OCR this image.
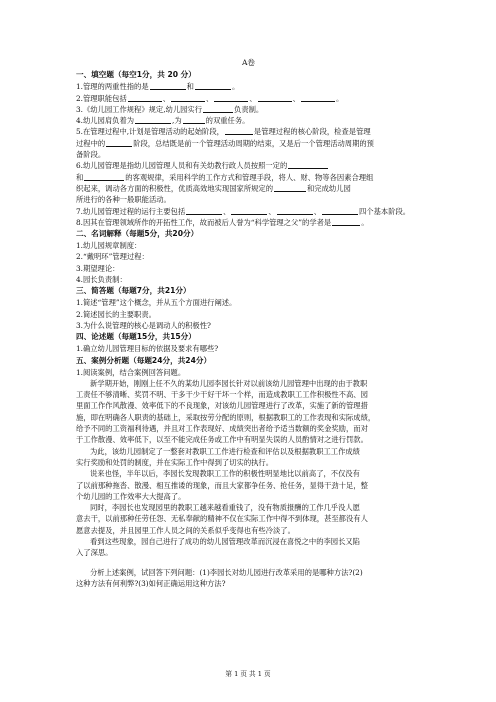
A卷
一、填空题（每空1分，共 20 分）
1.管理的两重性指的是	和	。
2.管理职能包括	、	、	、	、	。
3.《幼儿园工作规程》规定,幼儿园实行	负责制。
4.幼儿园肩负着为	,为	的双重任务。
5.在管理过程中,计划是管理活动的起始阶段，	是管理过程的核心阶段，检查是管理
过程中的	阶段，总结既是前一个管理活动周期的结束，又是后一个管理活动周期的预
备阶段。
6.幼儿园管理是指幼儿园管理人员和有关幼教行政人员按照一定的
和	的客观规律，采用科学的工作方式和管理手段，将人、财、物等各因素合理组
织起来，调动各方面的积极性，优质高效地实现国家所规定的	和完成幼儿园
所进行的各种一般职能活动。
7.幼儿园管理过程的运行主要包括	、	、	、	四个基本阶段。
8.因其在管理领域所作的开拓性工作，故而被后人誉为“科学管理之父”的学者是	。
二、名词解释（每题5分，共20分）
1.幼儿园规章制度：
2.“戴明环”管理过程：
3.期望理论：
4.园长负责制：
三、简答题（每题7分，共21分）
1.简述“管理”这个概念，并从五个方面进行阐述。
2.简述园长的主要职责。
3.为什么说管理的核心是调动人的积极性?
四、论述题（每题15分，共15分）
1.确立幼儿园管理目标的依据及要求有哪些?
五、案例分析题（每题24分，共24分）
1.阅读案例，结合案例回答问题。
新学期开始，刚刚上任不久的某幼儿园李园长针对以前该幼儿园管理中出现的由于教职
工责任不够清晰、奖罚不明、干多干少干好干坏一个样，而造成教职工工作积极性不高、园
里面工作作风散漫、效率低下的不良现象，对该幼儿园管理进行了改革，实施了新的管理措
施，即在明确各人职责的基础上，采取按劳分配的原则，根据教职工的工作表现和实际成绩，
给予不同的工资福利待遇，并且对工作表现好、成绩突出者给予适当数额的奖金奖励，而对
于工作散漫、效率低下，以至不能完成任务或工作中有明显失误的人员酌情对之进行罚款。
为此，该幼儿园制定了一整套对教职工工作进行检查和评估以及根据教职工工作成绩
实行奖励和处罚的制度，并在实际工作中得到了切实的执行。
说来也怪，半年以后，李园长发现教职工工作的积极性明显地比以前高了，不仅没有
了以前那种拖沓、散漫、相互推诿的现象，而且大家都争任务、抢任务，显得干劲十足，整
个幼儿园的工作效率大大提高了。
同时，李园长也发现园里的教职工越来越看重钱了，没有物质报酬的工作几乎没人愿
意去干，以前那种任劳任怨、无私奉献的精神不仅在实际工作中得不到体现，甚至都没有人
愿意去提及，并且园里工作人员之间的关系似乎变得也有些冷淡了。
看到这些现象，园自己进行了成功的幼儿园管理改革而沉浸在喜悦之中的李园长又陷
入了深思。
分析上述案例，试回答下列问题：(1)李园长对幼儿园进行改革采用的是哪种方法?(2)
这种方法有何利弊?(3)如何正确运用这种方法?
第 1 页 共 1 页
